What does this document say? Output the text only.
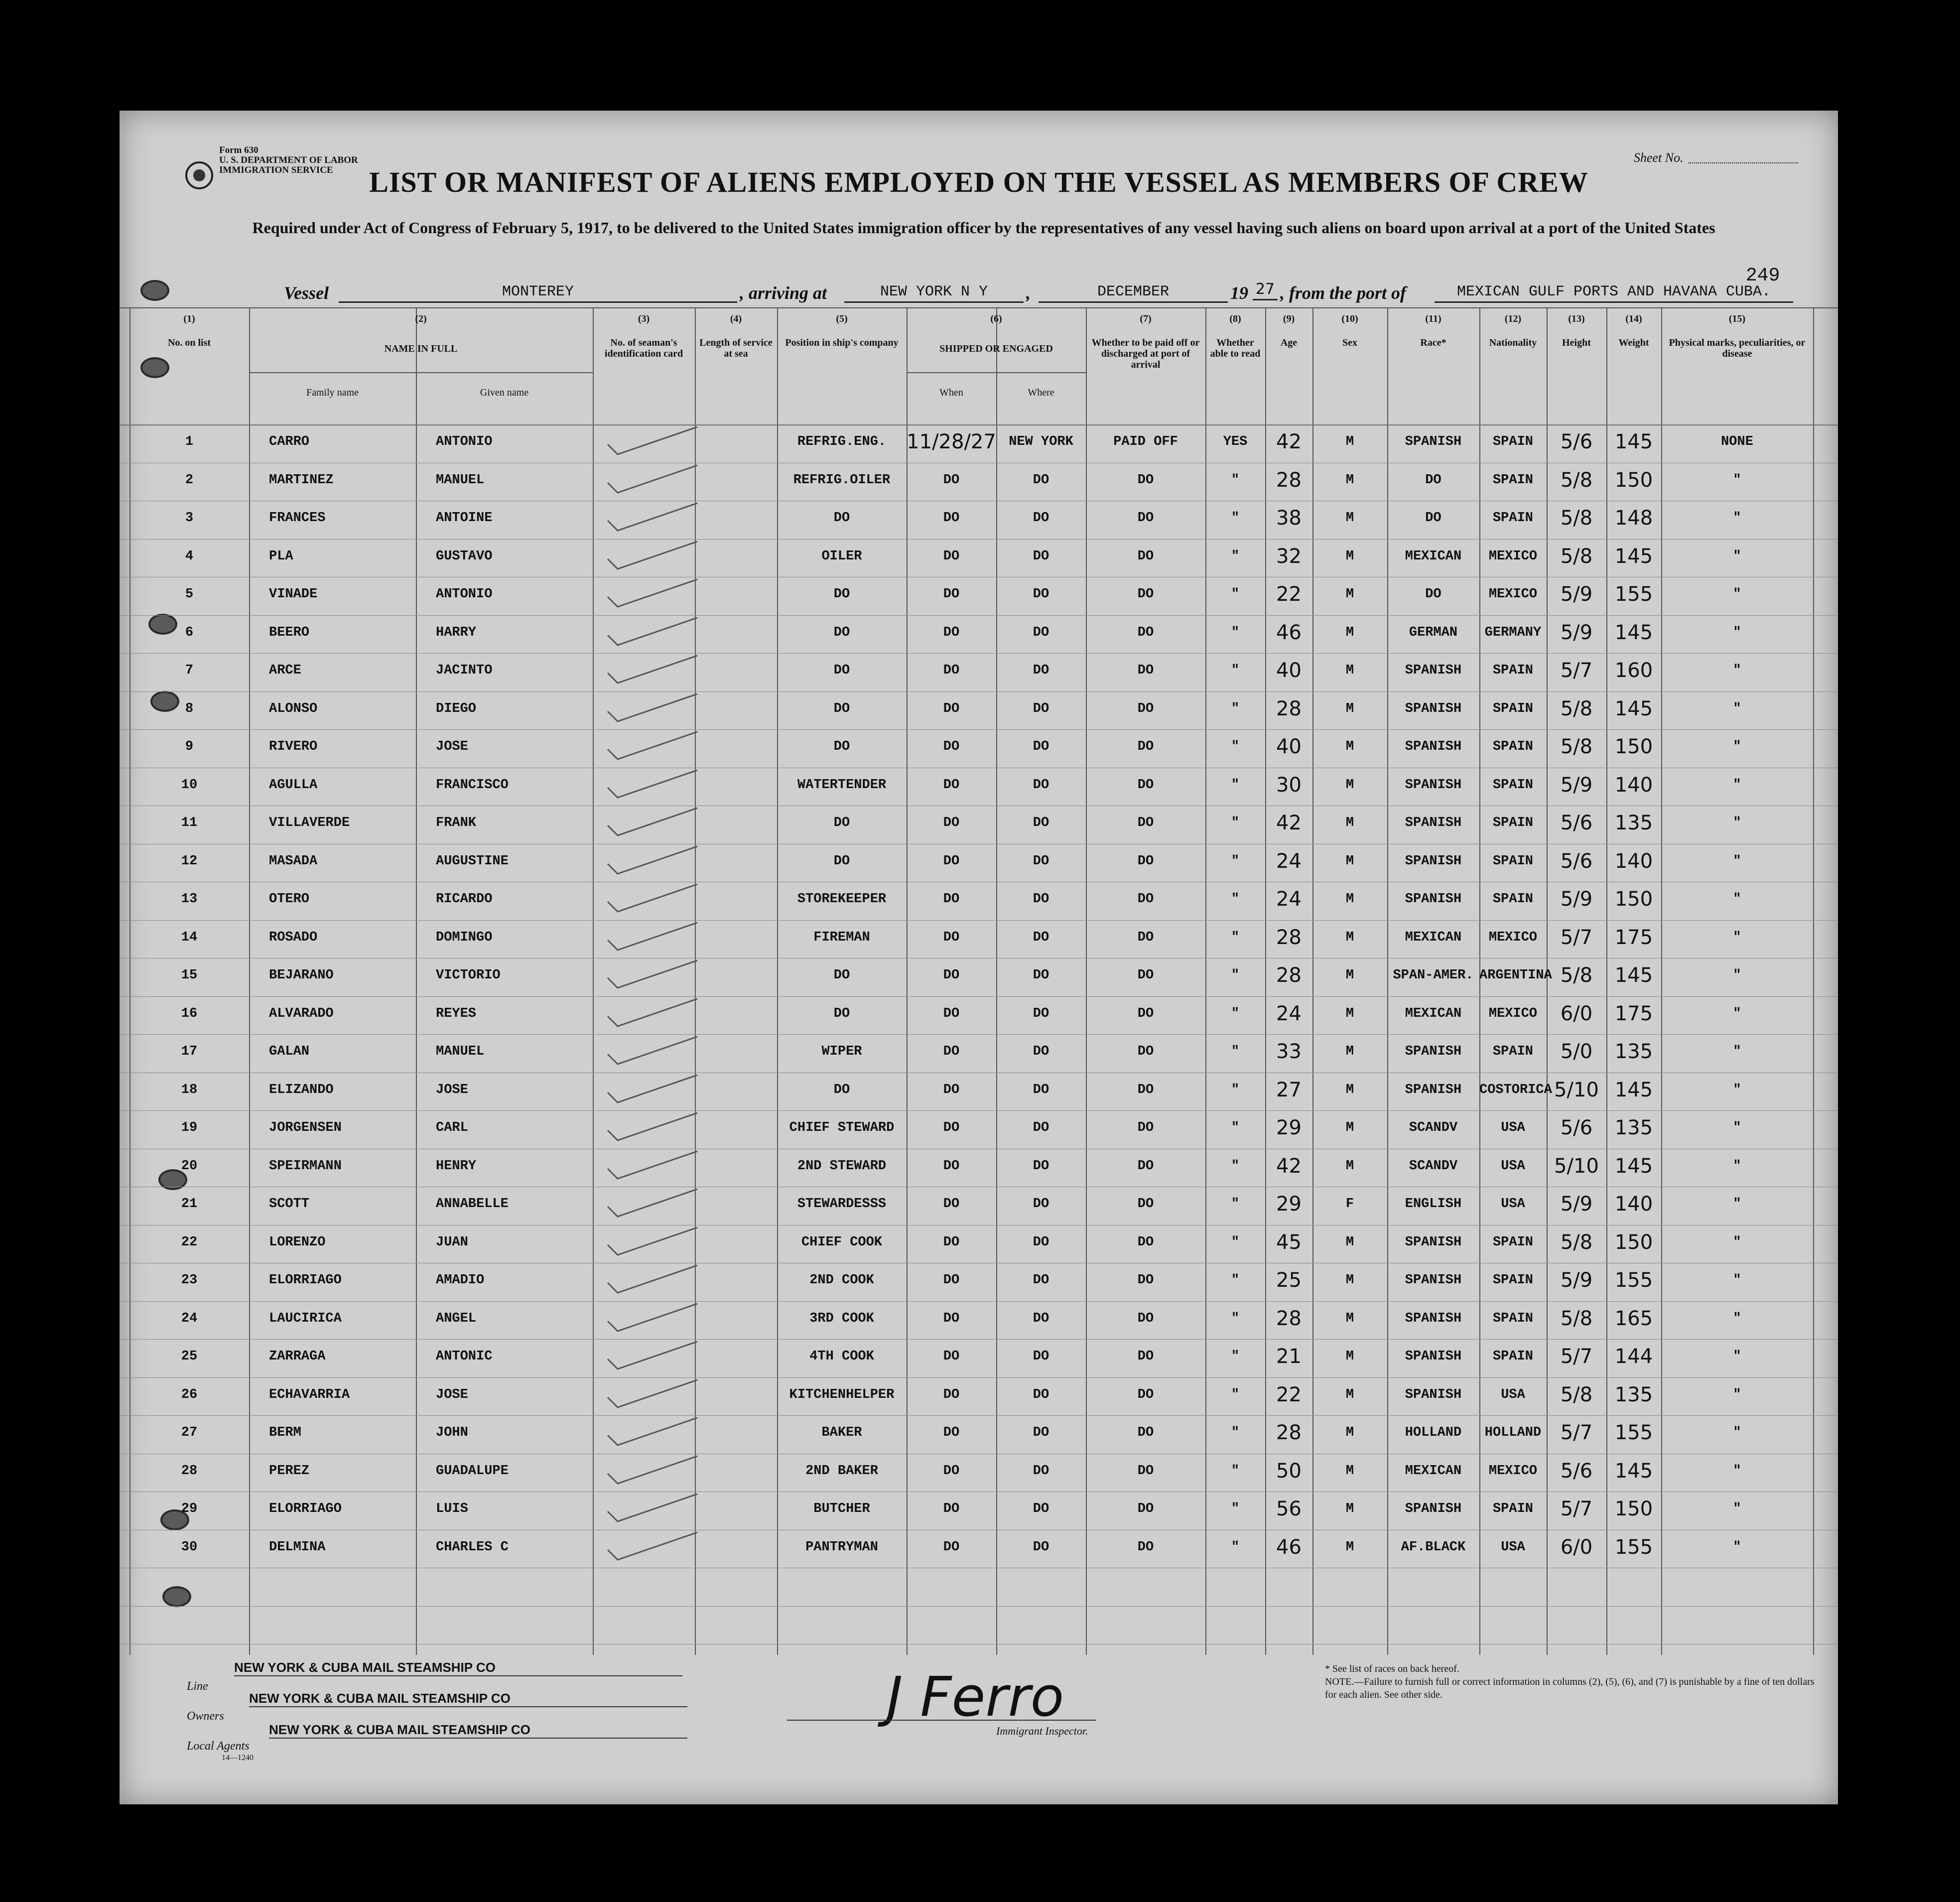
Form 630
U. S. DEPARTMENT OF LABOR
IMMIGRATION SERVICE	LIST OR MANIFEST OF ALIENS EMPLOYED ON THE VESSEL AS MEMBERS OF CREW
Required under Act of Congress of February 5, 1917, to be delivered to the United States immigration officer by the representatives of any vessel having such aliens on board upon arrival at a port of the United States
Sheet No.
249
Vessel	MONTEREY	, arriving at	NEW YORK N Y	,	DECEMBER	19 27 , from the port of	MEXICAN GULF PORTS AND HAVANA CUBA.
(1)
No. on list
(2)
NAME IN FULL
Family name	Given name
(3)
No. of seaman's identification card
(4)
Length of service at sea
(5)
Position in ship's company
(6)
SHIPPED OR ENGAGED
When	Where
(7)
Whether to be paid off or discharged at port of arrival
(8)
Whether able to read
(9)
Age
(10)
Sex
(11)
Race*
(12)
Nationality
(13)
Height
(14)
Weight
(15)
Physical marks, peculiarities, or disease
1	CARRO	ANTONIO	REFRIG.ENG.	11/28/27 NEW YORK	PAID OFF	YES	42	M	SPANISH	SPAIN	5/6	145	NONE
2	MARTINEZ	MANUEL	REFRIG.OILER	DO	DO	DO	"	28	M	DO	SPAIN	5/8	150	"
3	FRANCES	ANTOINE	DO	DO	DO	DO	"	38	M	DO	SPAIN	5/8	148	"
4	PLA	GUSTAVO	OILER	DO	DO	DO	"	32	M	MEXICAN	MEXICO	5/8	145	"
5	VINADE	ANTONIO	DO	DO	DO	DO	"	22	M	DO	MEXICO	5/9	155	"
6	BEERO	HARRY	DO	DO	DO	DO	"	46	M	GERMAN	GERMANY 5/9	145	"
7	ARCE	JACINTO	DO	DO	DO	DO	"	40	M	SPANISH	SPAIN	5/7	160	"
8	ALONSO	DIEGO	DO	DO	DO	DO	"	28	M	SPANISH	SPAIN	5/8	145	"
9	RIVERO	JOSE	DO	DO	DO	DO	"	40	M	SPANISH	SPAIN	5/8	150	"
10	AGULLA	FRANCISCO	WATERTENDER	DO	DO	DO	"	30	M	SPANISH	SPAIN	5/9	140	"
11	VILLAVERDE	FRANK	DO	DO	DO	DO	"	42	M	SPANISH	SPAIN	5/6	135	"
12	MASADA	AUGUSTINE	DO	DO	DO	DO	"	24	M	SPANISH	SPAIN	5/6	140	"
13	OTERO	RICARDO	STOREKEEPER	DO	DO	DO	"	24	M	SPANISH	SPAIN	5/9	150	"
14	ROSADO	DOMINGO	FIREMAN	DO	DO	DO	"	28	M	MEXICAN	MEXICO	5/7	175	"
15	BEJARANO	VICTORIO	DO	DO	DO	DO	"	28	M	SPAN-AMER. ARGENTINA 5/8	145	"
16	ALVARADO	REYES	DO	DO	DO	DO	"	24	M	MEXICAN	MEXICO	6/0	175	"
17	GALAN	MANUEL	WIPER	DO	DO	DO	"	33	M	SPANISH	SPAIN	5/0	135	"
18	ELIZANDO	JOSE	DO	DO	DO	DO	"	27	M	SPANISH	COSTORICA 5/10 145	"
19	JORGENSEN	CARL	CHIEF STEWARD	DO	DO	DO	"	29	M	SCANDV	USA	5/6	135	"
20	SPEIRMANN	HENRY	2ND STEWARD	DO	DO	DO	"	42	M	SCANDV	USA	5/10 145	"
21	SCOTT	ANNABELLE	STEWARDESSS	DO	DO	DO	"	29	F	ENGLISH	USA	5/9	140	"
22	LORENZO	JUAN	CHIEF COOK	DO	DO	DO	"	45	M	SPANISH	SPAIN	5/8	150	"
23	ELORRIAGO	AMADIO	2ND COOK	DO	DO	DO	"	25	M	SPANISH	SPAIN	5/9	155	"
24	LAUCIRICA	ANGEL	3RD COOK	DO	DO	DO	"	28	M	SPANISH	SPAIN	5/8	165	"
25	ZARRAGA	ANTONIC	4TH COOK	DO	DO	DO	"	21	M	SPANISH	SPAIN	5/7	144	"
26	ECHAVARRIA	JOSE	KITCHENHELPER	DO	DO	DO	"	22	M	SPANISH	USA	5/8	135	"
27	BERM	JOHN	BAKER	DO	DO	DO	"	28	M	HOLLAND	HOLLAND 5/7	155	"
28	PEREZ	GUADALUPE	2ND BAKER	DO	DO	DO	"	50	M	MEXICAN	MEXICO	5/6	145	"
29	ELORRIAGO	LUIS	BUTCHER	DO	DO	DO	"	56	M	SPANISH	SPAIN	5/7	150	"
30	DELMINA	CHARLES C	PANTRYMAN	DO	DO	DO	"	46	M	AF.BLACK	USA	6/0	155	"
Line
NEW YORK & CUBA MAIL STEAMSHIP CO
Owners
NEW YORK & CUBA MAIL STEAMSHIP CO
Local Agents
NEW YORK & CUBA MAIL STEAMSHIP CO
14—1240
J Ferro
Immigrant Inspector.
* See list of races on back hereof.
NOTE.—Failure to furnish full or correct information in columns (2), (5), (6), and (7) is punishable by a fine of ten dollars for each alien. See other side.
